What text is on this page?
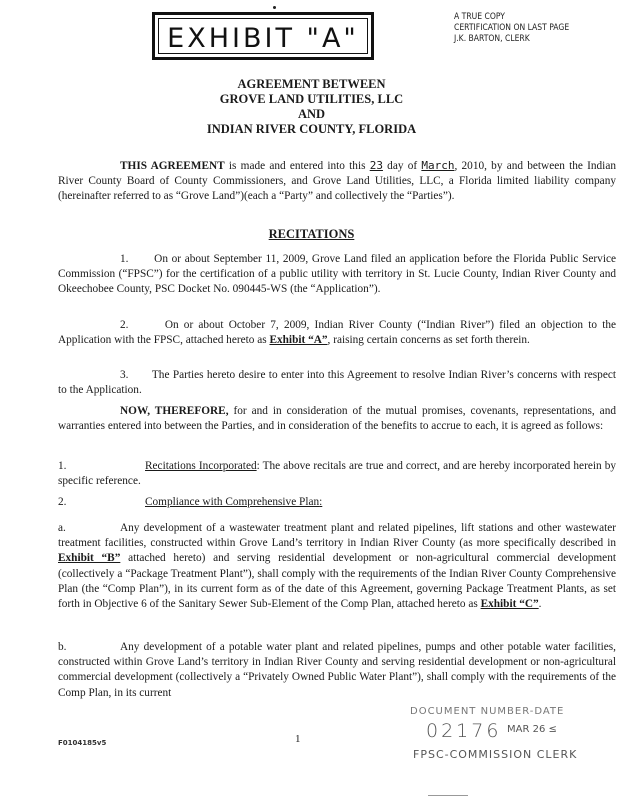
EXHIBIT "A"
A TRUE COPY
CERTIFICATION ON LAST PAGE
J.K. BARTON, CLERK
AGREEMENT BETWEEN
GROVE LAND UTILITIES, LLC
AND
INDIAN RIVER COUNTY, FLORIDA
THIS AGREEMENT is made and entered into this 23 day of March, 2010, by and between the Indian River County Board of County Commissioners, and Grove Land Utilities, LLC, a Florida limited liability company (hereinafter referred to as “Grove Land”)(each a “Party” and collectively the “Parties”).
RECITATIONS
1.       On or about September 11, 2009, Grove Land filed an application before the Florida Public Service Commission (“FPSC”) for the certification of a public utility with territory in St. Lucie County, Indian River County and Okeechobee County, PSC Docket No. 090445-WS (the “Application”).
2.       On or about October 7, 2009, Indian River County (“Indian River”) filed an objection to the Application with the FPSC, attached hereto as Exhibit “A”, raising certain concerns as set forth therein.
3.       The Parties hereto desire to enter into this Agreement to resolve Indian River’s concerns with respect to the Application.
NOW, THEREFORE, for and in consideration of the mutual promises, covenants, representations, and warranties entered into between the Parties, and in consideration of the benefits to accrue to each, it is agreed as follows:
1.	Recitations Incorporated: The above recitals are true and correct, and are hereby incorporated herein by specific reference.
2.	Compliance with Comprehensive Plan:
a.	Any development of a wastewater treatment plant and related pipelines, lift stations and other wastewater treatment facilities, constructed within Grove Land’s territory in Indian River County (as more specifically described in Exhibit “B” attached hereto) and serving residential development or non-agricultural commercial development (collectively a “Package Treatment Plant”), shall comply with the requirements of the Indian River County Comprehensive Plan (the “Comp Plan”), in its current form as of the date of this Agreement, governing Package Treatment Plants, as set forth in Objective 6 of the Sanitary Sewer Sub-Element of the Comp Plan, attached hereto as Exhibit “C”.
b.	Any development of a potable water plant and related pipelines, pumps and other potable water facilities, constructed within Grove Land’s territory in Indian River County and serving residential development or non-agricultural commercial development (collectively a “Privately Owned Public Water Plant”), shall comply with the requirements of the Comp Plan, in its current
DOCUMENT NUMBER-DATE
02176 MAR 26 ≤
FPSC-COMMISSION CLERK
F0104185v5	1
